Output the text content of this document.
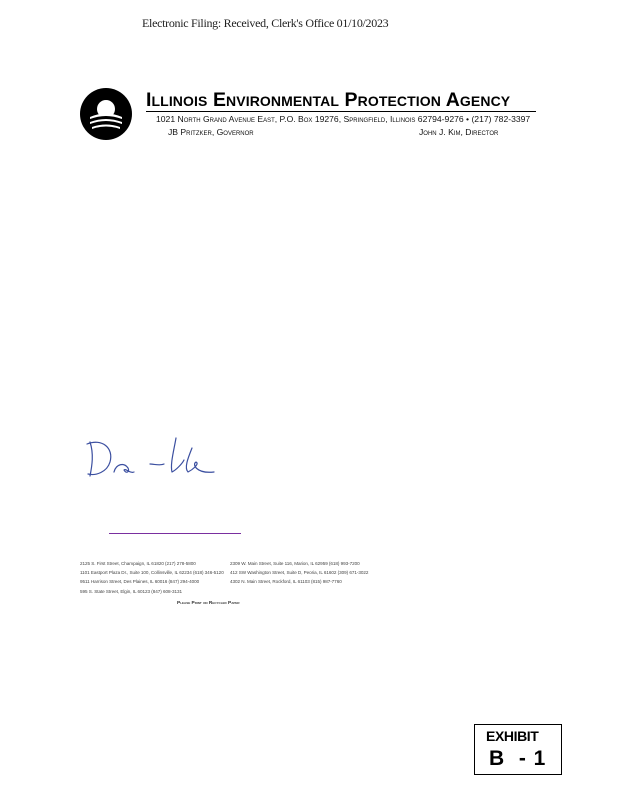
Electronic Filing: Received, Clerk's Office 01/10/2023
Illinois Environmental Protection Agency
1021 North Grand Avenue East, P.O. Box 19276, Springfield, Illinois 62794-9276 • (217) 782-3397
JB Pritzker, Governor	John J. Kim, Director
2125 S. First Street, Champaign, IL 61820 (217) 278-5800
1101 Eastport Plaza Dr., Suite 100, Collinsville, IL 62234 (618) 346-5120
9511 Harrison Street, Des Plaines, IL 60016 (847) 294-4000
595 S. State Street, Elgin, IL 60123 (847) 608-3131
2309 W. Main Street, Suite 116, Marion, IL 62959 (618) 993-7200
412 SW Washington Street, Suite D, Peoria, IL 61602 (309) 671-3022
4302 N. Main Street, Rockford, IL 61103 (815) 987-7760
Please Print on Recycled Paper
EXHIBIT
B  - 1
